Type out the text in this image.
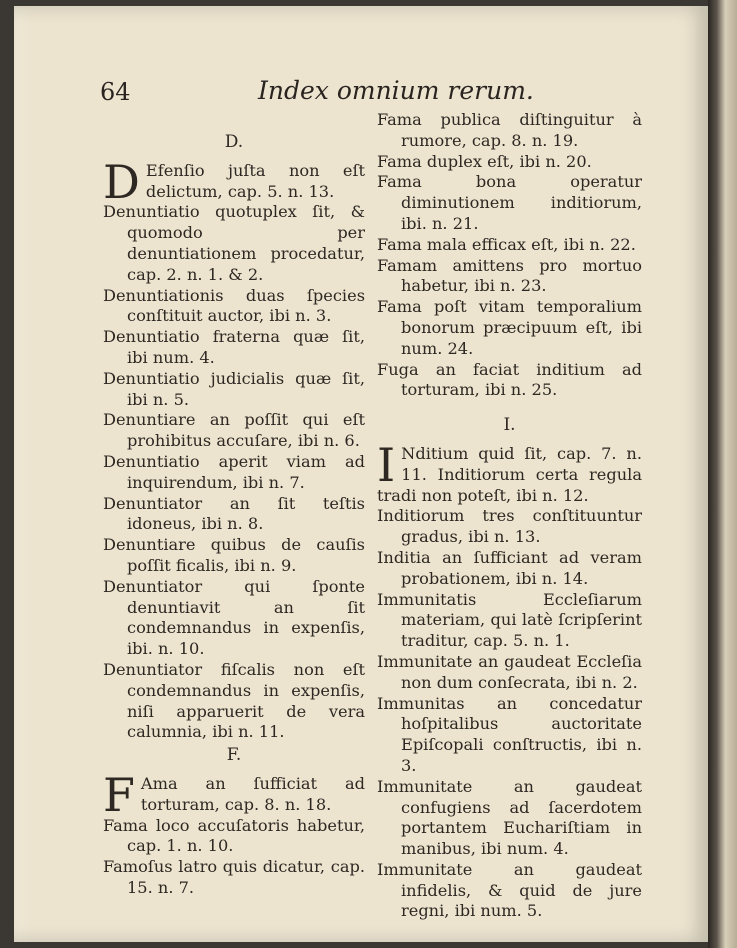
64	Index omnium rerum.
D.
D Efenſio juſta non eſt delictum, cap. 5. n. 13.
Denuntiatio quotuplex ſit, & quomodo per denuntiationem procedatur, cap. 2. n. 1. & 2.
Denuntiationis duas ſpecies conſtituit auctor, ibi n. 3.
Denuntiatio fraterna quæ ſit, ibi num. 4.
Denuntiatio judicialis quæ ſit, ibi n. 5.
Denuntiare an poſſit qui eſt prohibitus accuſare, ibi n. 6.
Denuntiatio aperit viam ad inquirendum, ibi n. 7.
Denuntiator an ſit teſtis idoneus, ibi n. 8.
Denuntiare quibus de cauſis poſſit ficalis, ibi n. 9.
Denuntiator qui ſponte denuntiavit an ſit condemnandus in expenſis, ibi. n. 10.
Denuntiator fiſcalis non eſt condemnandus in expenſis, niſi apparuerit de vera calumnia, ibi n. 11.
F.
F Ama an ſufficiat ad torturam, cap. 8. n. 18.
Fama loco accuſatoris habetur, cap. 1. n. 10.
Famoſus latro quis dicatur, cap. 15. n. 7.
Fama publica diſtinguitur à rumore, cap. 8. n. 19.
Fama duplex eſt, ibi n. 20.
Fama bona operatur diminutionem inditiorum, ibi. n. 21.
Fama mala efficax eſt, ibi n. 22.
Famam amittens pro mortuo habetur, ibi n. 23.
Fama poſt vitam temporalium bonorum præcipuum eſt, ibi num. 24.
Fuga an faciat inditium ad torturam, ibi n. 25.
I.
I Nditium quid ſit, cap. 7. n. 11. Inditiorum certa regula tradi non poteſt, ibi n. 12.
Inditiorum tres conſtituuntur gradus, ibi n. 13.
Inditia an ſufficiant ad veram probationem, ibi n. 14.
Immunitatis Eccleſiarum materiam, qui latè ſcripſerint traditur, cap. 5. n. 1.
Immunitate an gaudeat Eccleſia non dum conſecrata, ibi n. 2.
Immunitas an concedatur hoſpitalibus auctoritate Epiſcopali conſtructis, ibi n. 3.
Immunitate an gaudeat confugiens ad ſacerdotem portantem Euchariſtiam in manibus, ibi num. 4.
Immunitate an gaudeat infidelis, & quid de jure regni, ibi num. 5.
